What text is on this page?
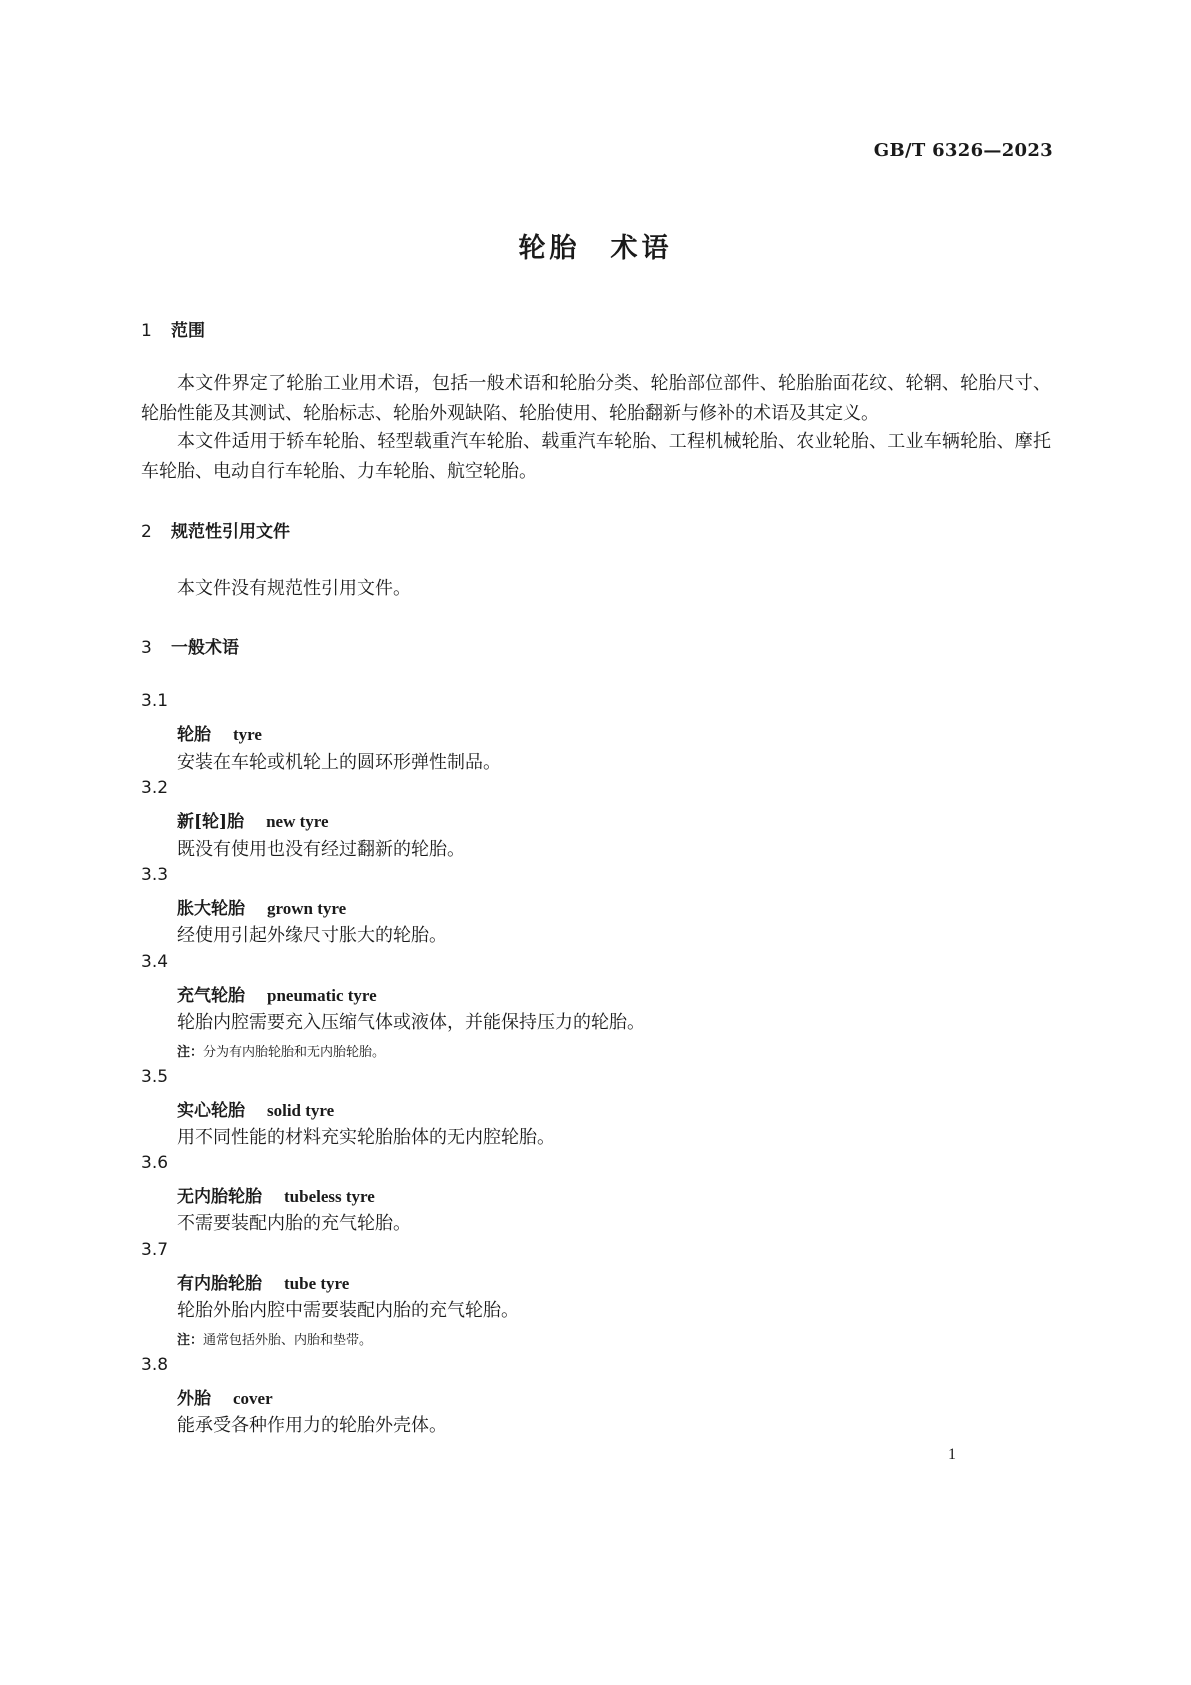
GB/T 6326—2023
轮胎 术语
1 范围
本文件界定了轮胎工业用术语，包括一般术语和轮胎分类、轮胎部位部件、轮胎胎面花纹、轮辋、轮胎尺寸、轮胎性能及其测试、轮胎标志、轮胎外观缺陷、轮胎使用、轮胎翻新与修补的术语及其定义。
本文件适用于轿车轮胎、轻型载重汽车轮胎、载重汽车轮胎、工程机械轮胎、农业轮胎、工业车辆轮胎、摩托车轮胎、电动自行车轮胎、力车轮胎、航空轮胎。
2 规范性引用文件
本文件没有规范性引用文件。
3 一般术语
3.1
轮胎 tyre
安装在车轮或机轮上的圆环形弹性制品。
3.2
新[轮]胎 new tyre
既没有使用也没有经过翻新的轮胎。
3.3
胀大轮胎 grown tyre
经使用引起外缘尺寸胀大的轮胎。
3.4
充气轮胎 pneumatic tyre
轮胎内腔需要充入压缩气体或液体，并能保持压力的轮胎。
注：分为有内胎轮胎和无内胎轮胎。
3.5
实心轮胎 solid tyre
用不同性能的材料充实轮胎胎体的无内腔轮胎。
3.6
无内胎轮胎 tubeless tyre
不需要装配内胎的充气轮胎。
3.7
有内胎轮胎 tube tyre
轮胎外胎内腔中需要装配内胎的充气轮胎。
注：通常包括外胎、内胎和垫带。
3.8
外胎 cover
能承受各种作用力的轮胎外壳体。
1
